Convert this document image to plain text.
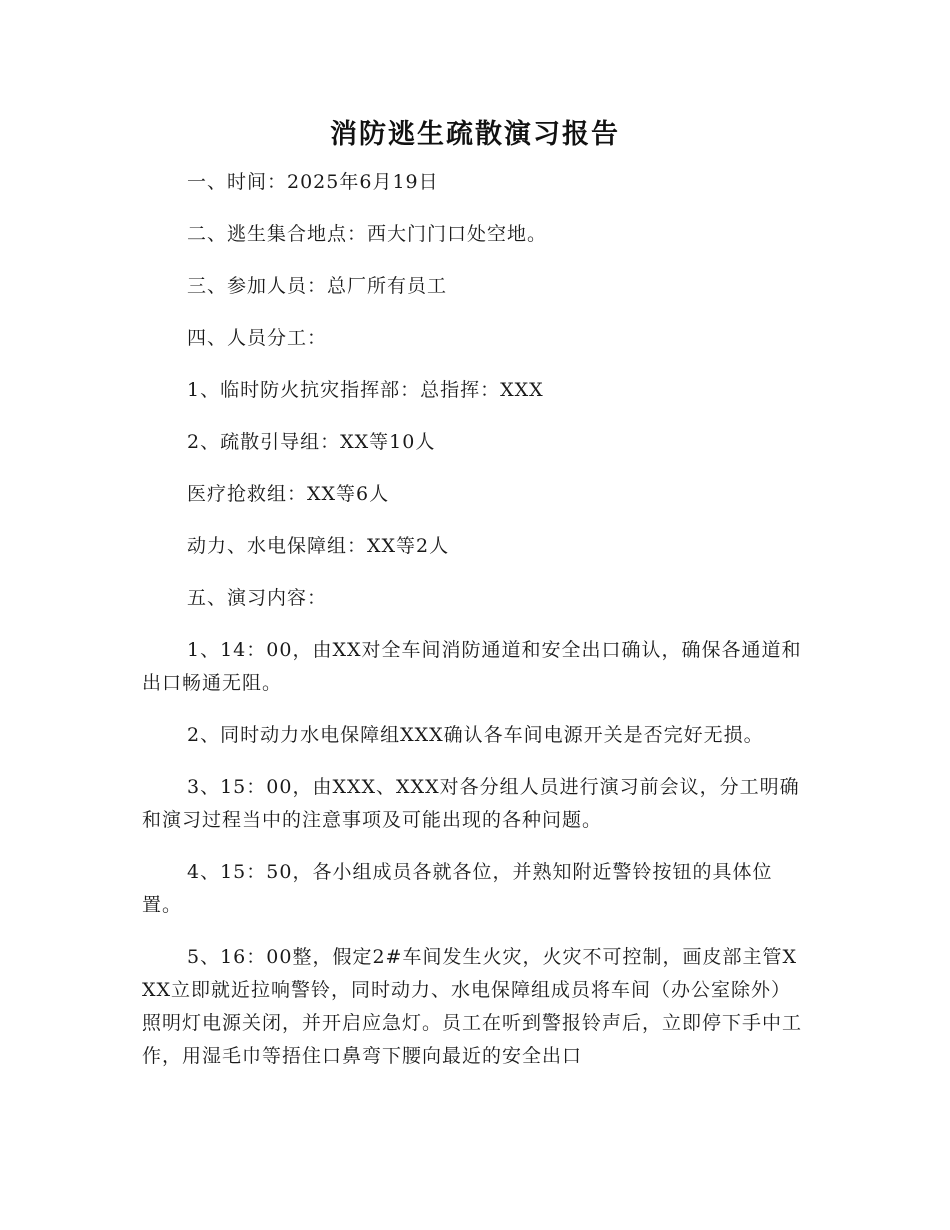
消防逃生疏散演习报告

一、时间：2025年6月19日

二、逃生集合地点：西大门门口处空地。

三、参加人员：总厂所有员工

四、人员分工：

1、临时防火抗灾指挥部：总指挥：XXX

2、疏散引导组：XX等10人

医疗抢救组：XX等6人

动力、水电保障组：XX等2人

五、演习内容：

1、14：00，由XX对全车间消防通道和安全出口确认，确保各通道和出口畅通无阻。

2、同时动力水电保障组XXX确认各车间电源开关是否完好无损。

3、15：00，由XXX、XXX对各分组人员进行演习前会议，分工明确和演习过程当中的注意事项及可能出现的各种问题。

4、15：50，各小组成员各就各位，并熟知附近警铃按钮的具体位置。

5、16：00整，假定2#车间发生火灾，火灾不可控制，画皮部主管XXX立即就近拉响警铃，同时动力、水电保障组成员将车间（办公室除外）照明灯电源关闭，并开启应急灯。员工在听到警报铃声后，立即停下手中工作，用湿毛巾等捂住口鼻弯下腰向最近的安全出口
